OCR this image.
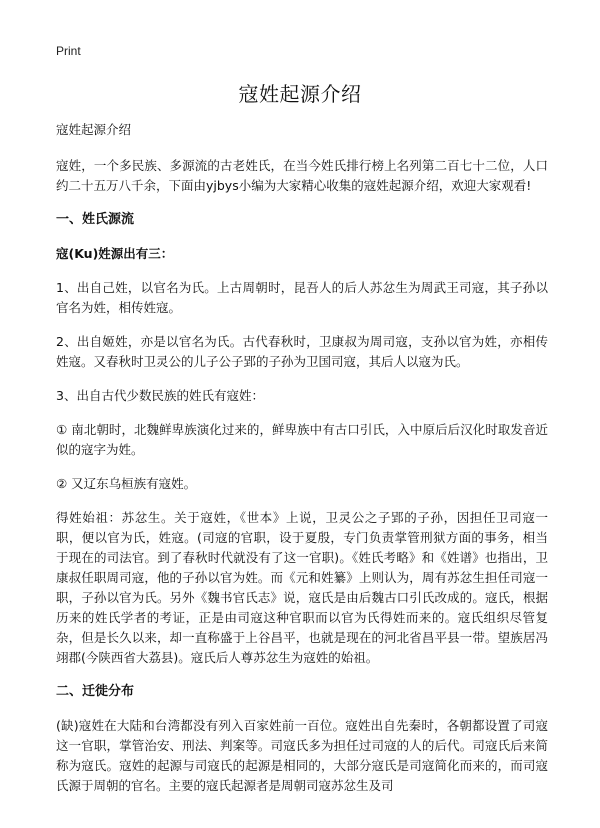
Print
寇姓起源介绍

寇姓起源介绍

寇姓，一个多民族、多源流的古老姓氏，在当今姓氏排行榜上名列第二百七十二位，人口约二十五万八千余，下面由yjbys小编为大家精心收集的寇姓起源介绍，欢迎大家观看!

一、姓氏源流
寇(Ku)姓源出有三：

1、出自己姓，以官名为氏。上古周朝时，昆吾人的后人苏忿生为周武王司寇，其子孙以官名为姓，相传姓寇。

2、出自姬姓，亦是以官名为氏。古代春秋时，卫康叔为周司寇，支孙以官为姓，亦相传姓寇。又春秋时卫灵公的儿子公子郢的子孙为卫国司寇，其后人以寇为氏。

3、出自古代少数民族的姓氏有寇姓：

① 南北朝时，北魏鲜卑族演化过来的，鲜卑族中有古口引氏，入中原后后汉化时取发音近似的寇字为姓。

② 又辽东乌桓族有寇姓。

得姓始祖：苏忿生。关于寇姓，《世本》上说，卫灵公之子郢的子孙，因担任卫司寇一职，便以官为氏，姓寇。(司寇的官职，设于夏殷，专门负责掌管刑狱方面的事务，相当于现在的司法官。到了春秋时代就没有了这一官职)。《姓氏考略》和《姓谱》也指出，卫康叔任职周司寇，他的子孙以官为姓。而《元和姓纂》上则认为，周有苏忿生担任司寇一职，子孙以官为氏。另外《魏书官氏志》说，寇氏是由后魏古口引氏改成的。寇氏，根据历来的姓氏学者的考证，正是由司寇这种官职而以官为氏得姓而来的。寇氏组织尽管复杂，但是长久以来，却一直称盛于上谷昌平，也就是现在的河北省昌平县一带。望族居冯翊郡(今陕西省大荔县)。寇氏后人尊苏忿生为寇姓的始祖。

二、迁徙分布

(缺)寇姓在大陆和台湾都没有列入百家姓前一百位。寇姓出自先秦时，各朝都设置了司寇这一官职，掌管治安、刑法、判案等。司寇氏多为担任过司寇的人的后代。司寇氏后来简称为寇氏。寇姓的起源与司寇氏的起源是相同的，大部分寇氏是司寇简化而来的，而司寇氏源于周朝的官名。主要的寇氏起源者是周朝司寇苏忿生及司
